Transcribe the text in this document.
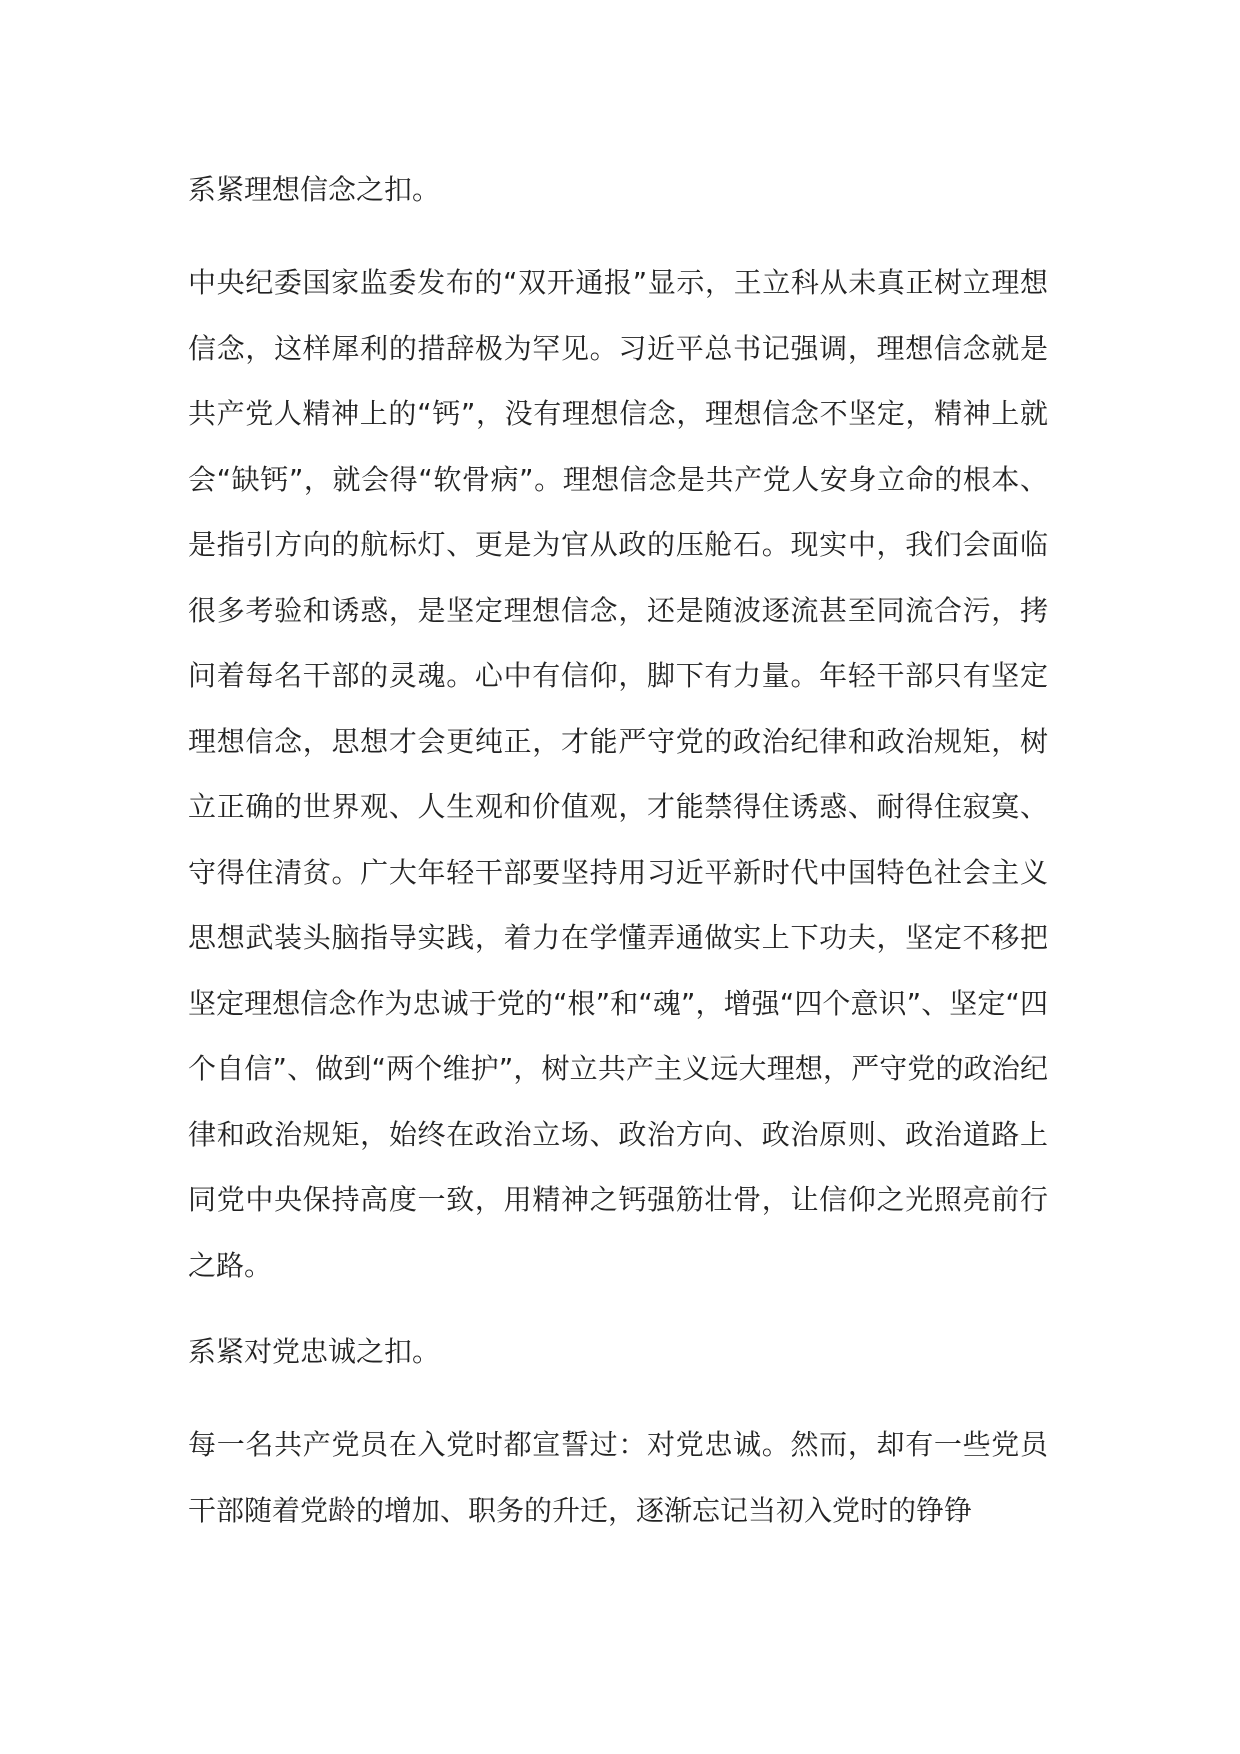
系紧理想信念之扣。

中央纪委国家监委发布的“双开通报”显示，王立科从未真正树立理想信念，这样犀利的措辞极为罕见。习近平总书记强调，理想信念就是共产党人精神上的“钙”，没有理想信念，理想信念不坚定，精神上就会“缺钙”，就会得“软骨病”。理想信念是共产党人安身立命的根本、是指引方向的航标灯、更是为官从政的压舱石。现实中，我们会面临很多考验和诱惑，是坚定理想信念，还是随波逐流甚至同流合污，拷问着每名干部的灵魂。心中有信仰，脚下有力量。年轻干部只有坚定理想信念，思想才会更纯正，才能严守党的政治纪律和政治规矩，树立正确的世界观、人生观和价值观，才能禁得住诱惑、耐得住寂寞、守得住清贫。广大年轻干部要坚持用习近平新时代中国特色社会主义思想武装头脑指导实践，着力在学懂弄通做实上下功夫，坚定不移把坚定理想信念作为忠诚于党的“根”和“魂”，增强“四个意识”、坚定“四个自信”、做到“两个维护”，树立共产主义远大理想，严守党的政治纪律和政治规矩，始终在政治立场、政治方向、政治原则、政治道路上同党中央保持高度一致，用精神之钙强筋壮骨，让信仰之光照亮前行之路。

系紧对党忠诚之扣。

每一名共产党员在入党时都宣誓过：对党忠诚。然而，却有一些党员干部随着党龄的增加、职务的升迁，逐渐忘记当初入党时的铮铮
